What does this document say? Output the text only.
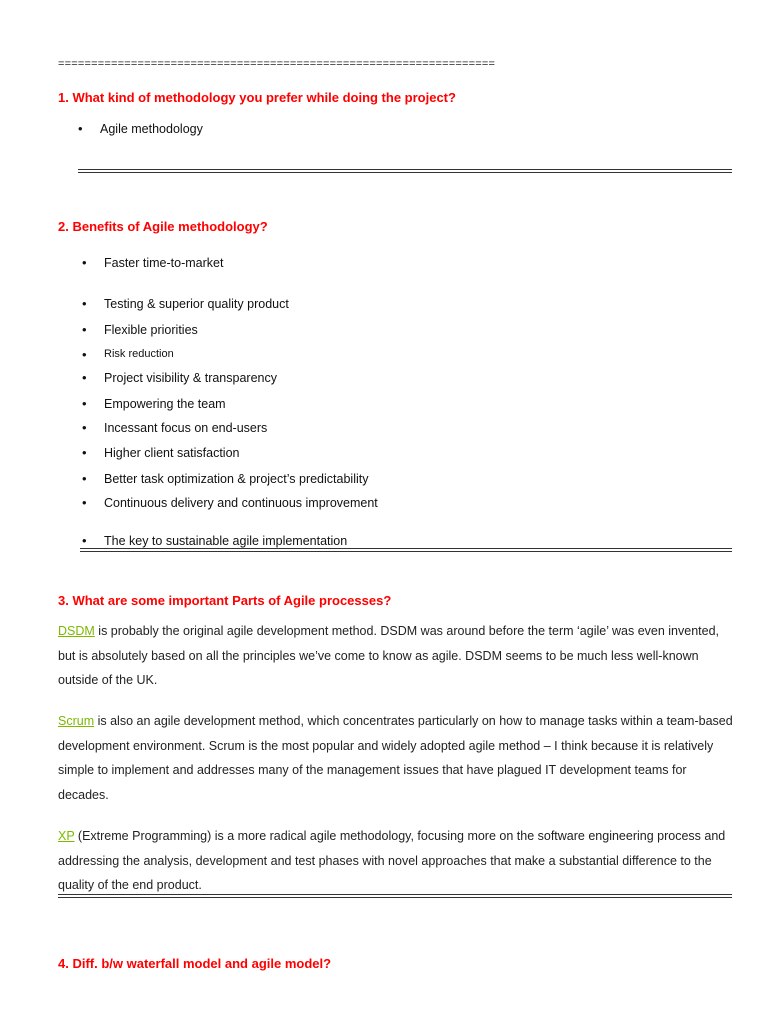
==================================================================
1. What kind of methodology you prefer while doing the project?
• Agile methodology
2. Benefits of Agile methodology?
• Faster time-to-market
• Testing & superior quality product
• Flexible priorities
• Risk reduction
• Project visibility & transparency
• Empowering the team
• Incessant focus on end-users
• Higher client satisfaction
• Better task optimization & project’s predictability
• Continuous delivery and continuous improvement
• The key to sustainable agile implementation
3. What are some important Parts of Agile processes?
DSDM is probably the original agile development method. DSDM was around before the term ‘agile’ was even invented, but is absolutely based on all the principles we’ve come to know as agile. DSDM seems to be much less well-known outside of the UK.
Scrum is also an agile development method, which concentrates particularly on how to manage tasks within a team-based development environment. Scrum is the most popular and widely adopted agile method – I think because it is relatively simple to implement and addresses many of the management issues that have plagued IT development teams for decades.
XP (Extreme Programming) is a more radical agile methodology, focusing more on the software engineering process and addressing the analysis, development and test phases with novel approaches that make a substantial difference to the quality of the end product.
4. Diff. b/w waterfall model and agile model?
